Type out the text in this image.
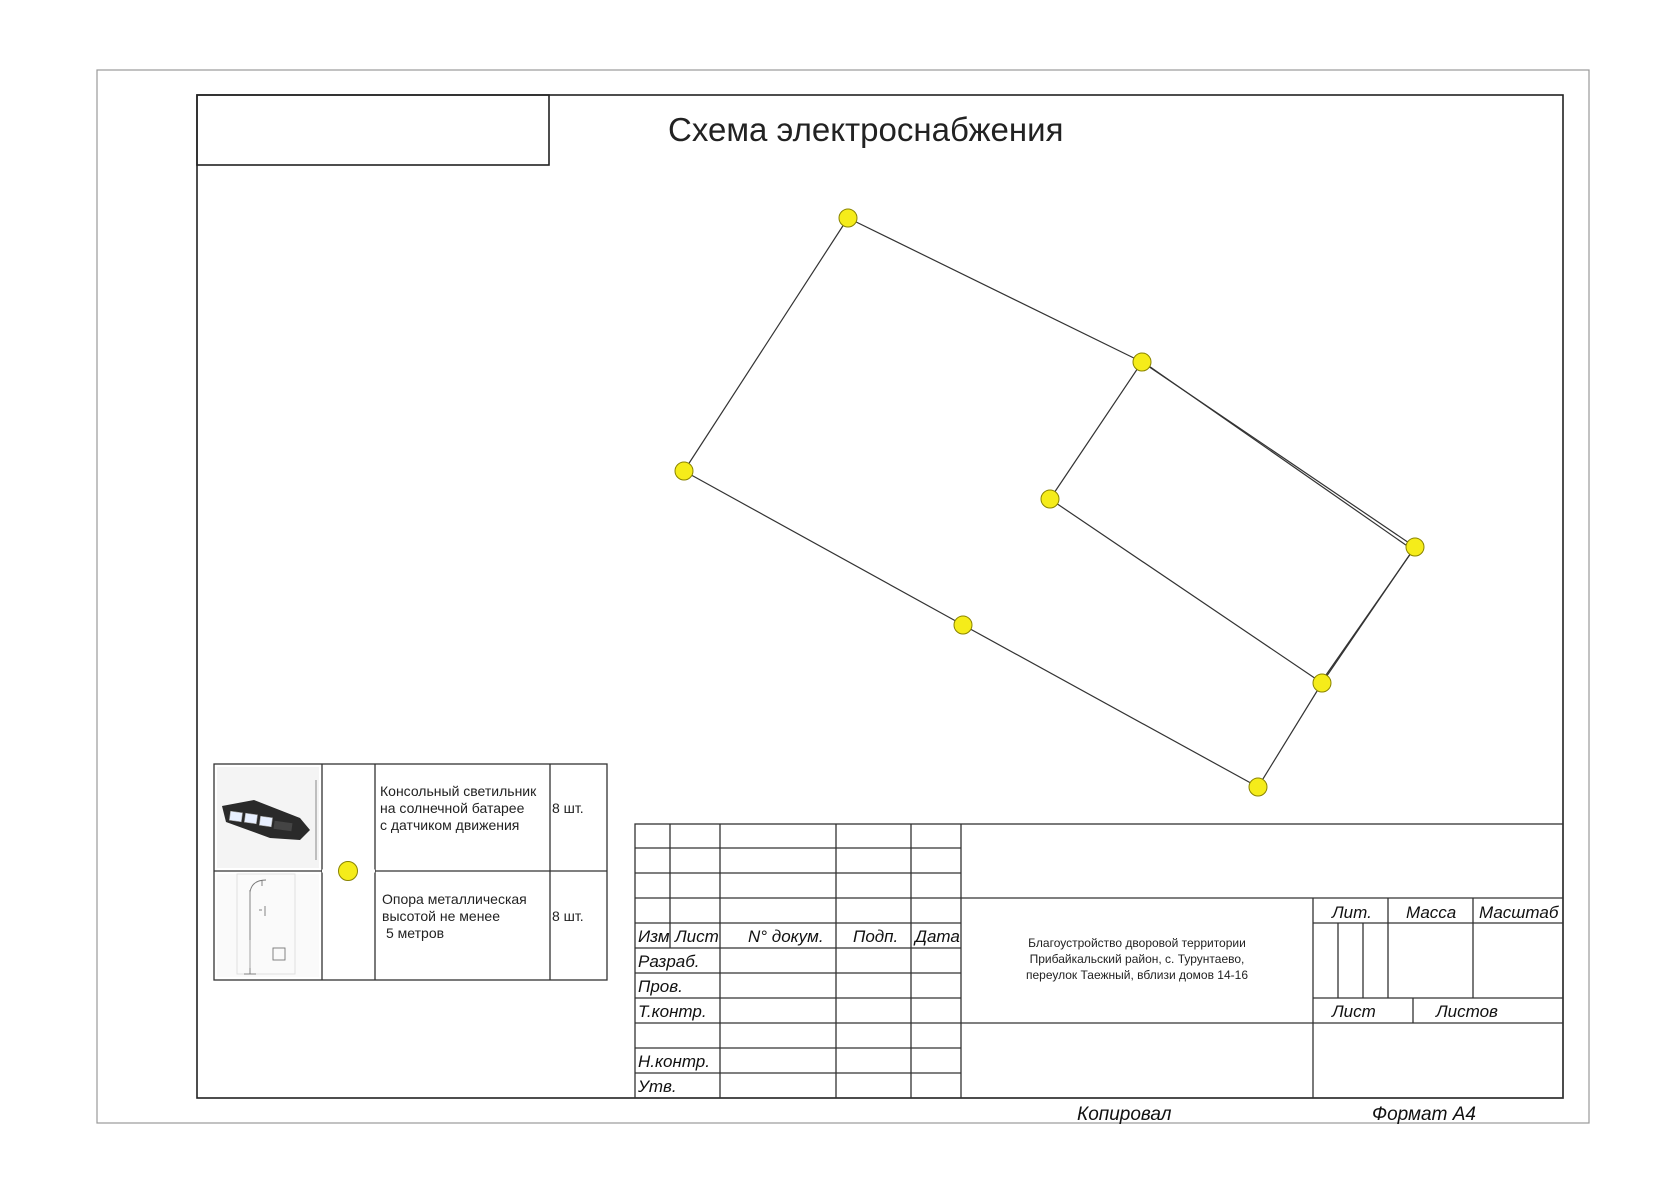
Схема электроснабжения
Консольный светильник
на солнечной батарее
с датчиком движения
8 шт.
Опора металлическая
высотой не менее
5 метров
8 шт.
Изм Лист N° докум. Подп. Дата
Разраб.
Пров.
Т.контр.
Н.контр.
Утв.
Благоустройство дворовой территории
Прибайкальский район, с. Турунтаево,
переулок Таежный, вблизи домов 14-16
Лит. Масса Масштаб
Лист	Листов
Копировал	Формат А4
